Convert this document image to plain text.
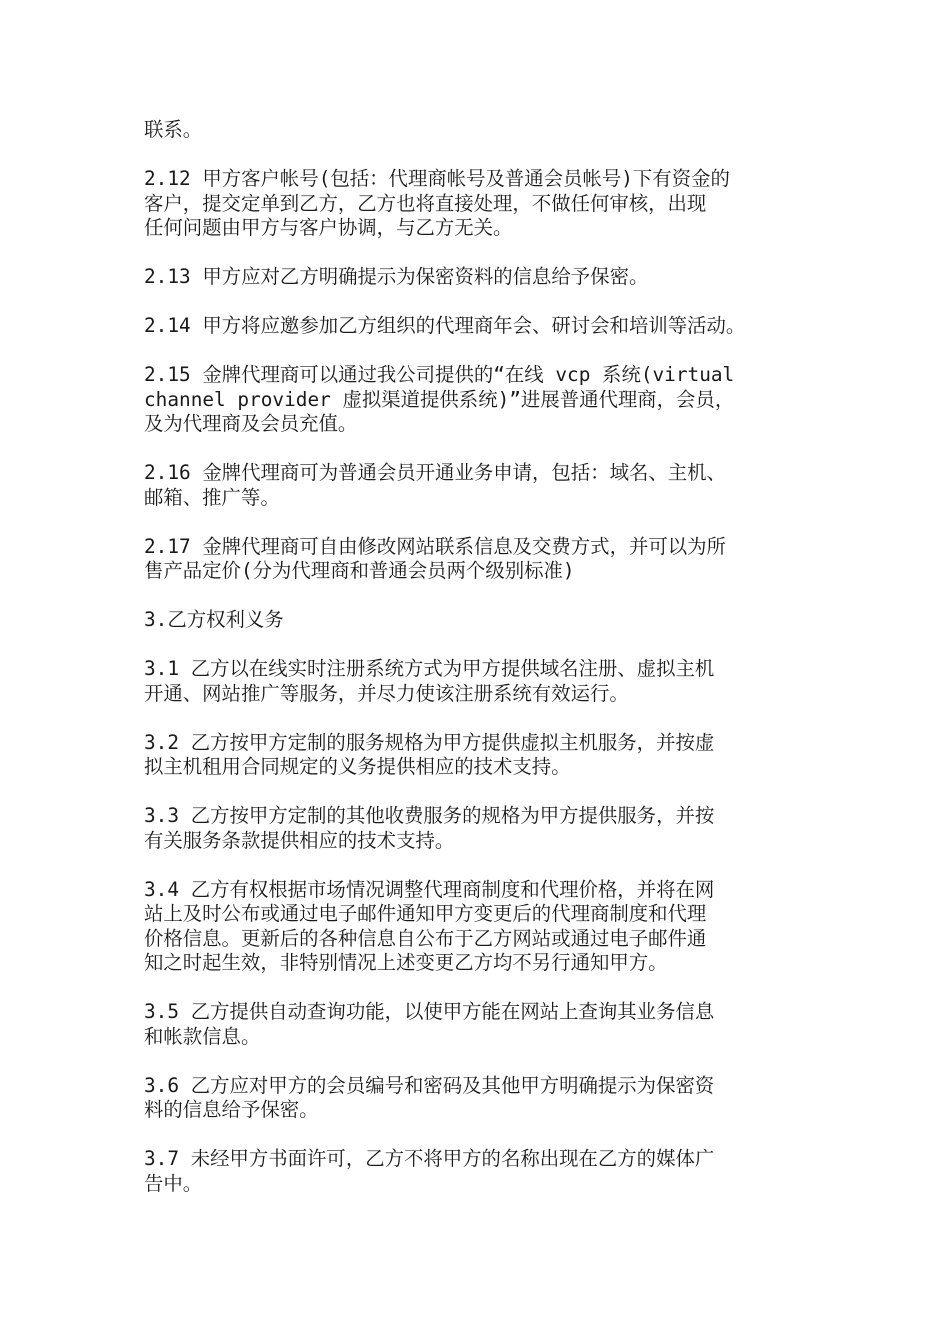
联系。
2.12 甲方客户帐号(包括：代理商帐号及普通会员帐号)下有资金的
客户，提交定单到乙方，乙方也将直接处理，不做任何审核，出现
任何问题由甲方与客户协调，与乙方无关。
2.13 甲方应对乙方明确提示为保密资料的信息给予保密。
2.14 甲方将应邀参加乙方组织的代理商年会、研讨会和培训等活动。
2.15 金牌代理商可以通过我公司提供的“在线 vcp 系统(virtual
channel provider 虚拟渠道提供系统)”进展普通代理商，会员，
及为代理商及会员充值。
2.16 金牌代理商可为普通会员开通业务申请，包括：域名、主机、
邮箱、推广等。
2.17 金牌代理商可自由修改网站联系信息及交费方式，并可以为所
售产品定价(分为代理商和普通会员两个级别标准)
3.乙方权利义务
3.1 乙方以在线实时注册系统方式为甲方提供域名注册、虚拟主机
开通、网站推广等服务，并尽力使该注册系统有效运行。
3.2 乙方按甲方定制的服务规格为甲方提供虚拟主机服务，并按虚
拟主机租用合同规定的义务提供相应的技术支持。
3.3 乙方按甲方定制的其他收费服务的规格为甲方提供服务，并按
有关服务条款提供相应的技术支持。
3.4 乙方有权根据市场情况调整代理商制度和代理价格，并将在网
站上及时公布或通过电子邮件通知甲方变更后的代理商制度和代理
价格信息。更新后的各种信息自公布于乙方网站或通过电子邮件通
知之时起生效，非特别情况上述变更乙方均不另行通知甲方。
3.5 乙方提供自动查询功能，以使甲方能在网站上查询其业务信息
和帐款信息。
3.6 乙方应对甲方的会员编号和密码及其他甲方明确提示为保密资
料的信息给予保密。
3.7 未经甲方书面许可，乙方不将甲方的名称出现在乙方的媒体广
告中。
